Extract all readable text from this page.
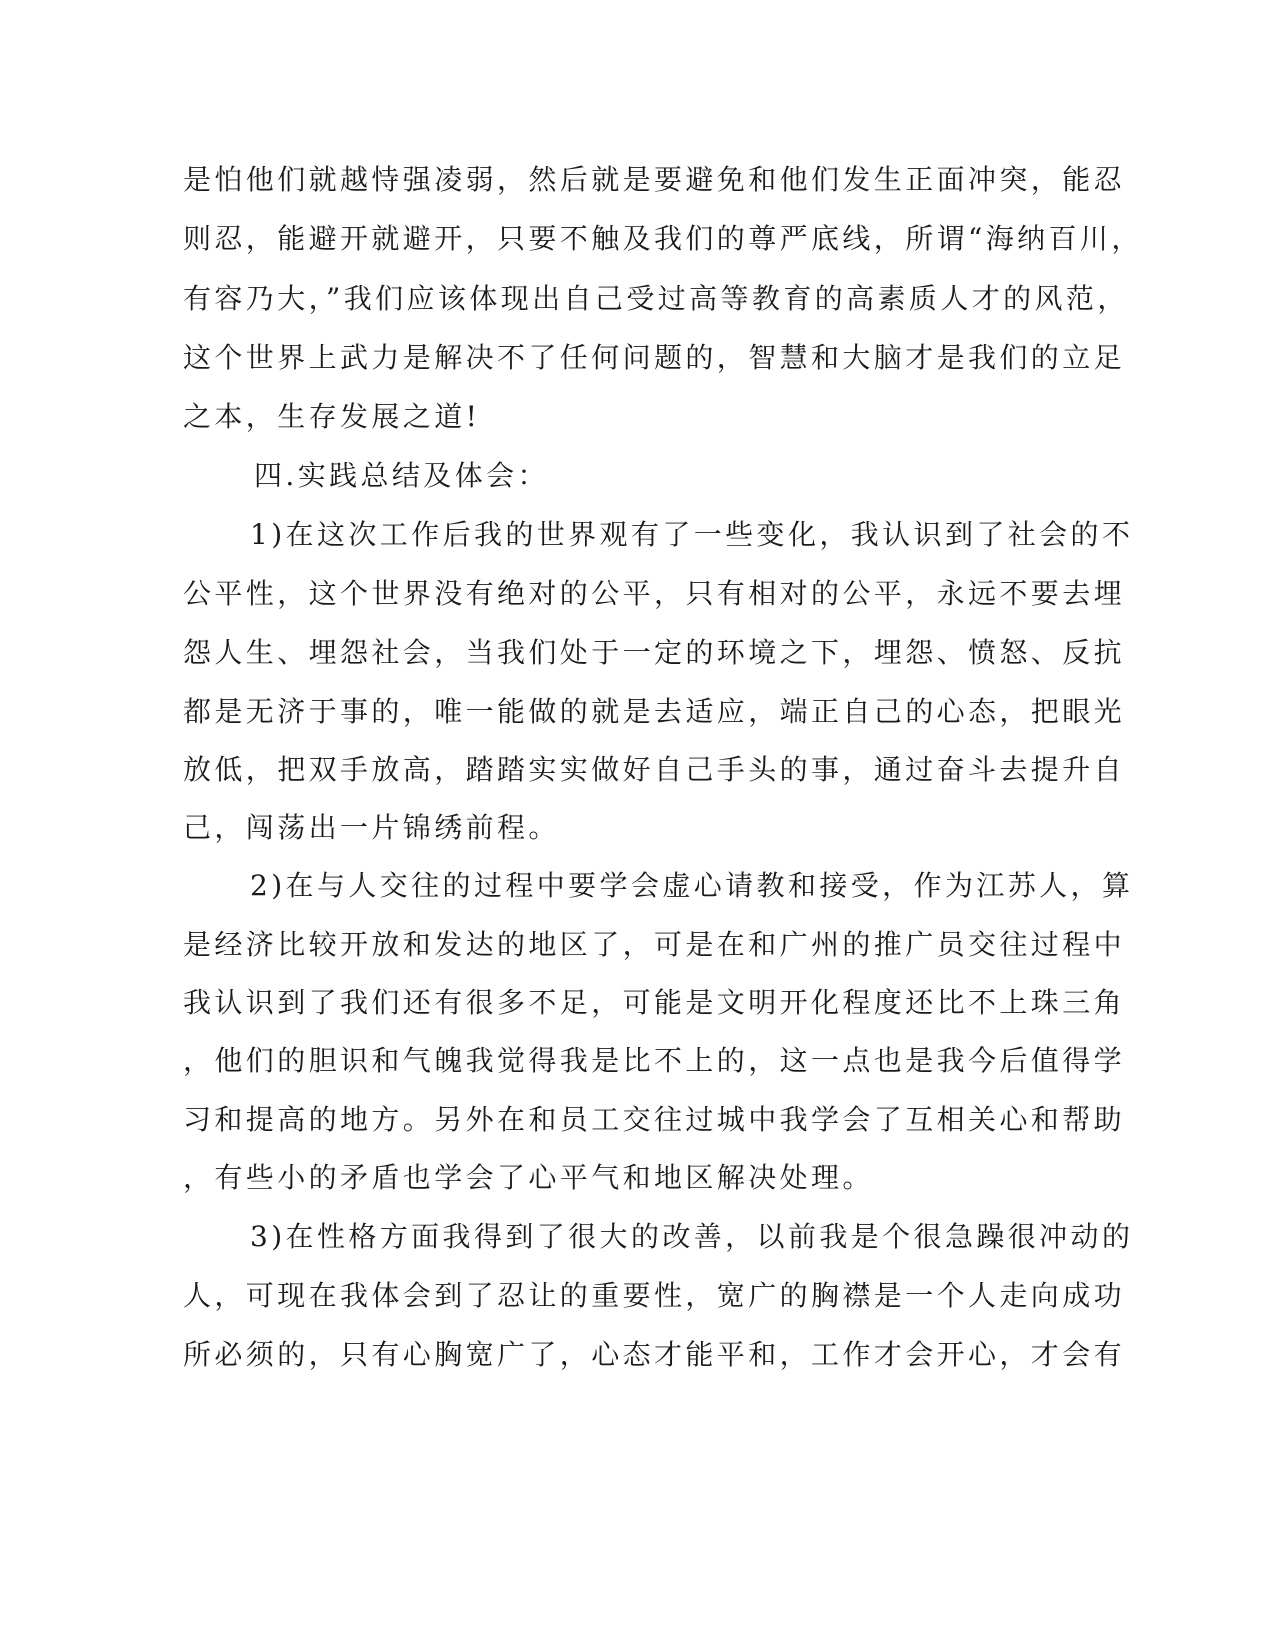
是怕他们就越恃强凌弱，然后就是要避免和他们发生正面冲突，能忍
则忍，能避开就避开，只要不触及我们的尊严底线，所谓“海纳百川，
有容乃大，”我们应该体现出自己受过高等教育的高素质人才的风范，
这个世界上武力是解决不了任何问题的，智慧和大脑才是我们的立足
之本，生存发展之道!
四.实践总结及体会：
1)在这次工作后我的世界观有了一些变化，我认识到了社会的不
公平性，这个世界没有绝对的公平，只有相对的公平，永远不要去埋
怨人生、埋怨社会，当我们处于一定的环境之下，埋怨、愤怒、反抗
都是无济于事的，唯一能做的就是去适应，端正自己的心态，把眼光
放低，把双手放高，踏踏实实做好自己手头的事，通过奋斗去提升自
己，闯荡出一片锦绣前程。
2)在与人交往的过程中要学会虚心请教和接受，作为江苏人，算
是经济比较开放和发达的地区了，可是在和广州的推广员交往过程中
我认识到了我们还有很多不足，可能是文明开化程度还比不上珠三角
，他们的胆识和气魄我觉得我是比不上的，这一点也是我今后值得学
习和提高的地方。另外在和员工交往过城中我学会了互相关心和帮助
，有些小的矛盾也学会了心平气和地区解决处理。
3)在性格方面我得到了很大的改善，以前我是个很急躁很冲动的
人，可现在我体会到了忍让的重要性，宽广的胸襟是一个人走向成功
所必须的，只有心胸宽广了，心态才能平和，工作才会开心，才会有
